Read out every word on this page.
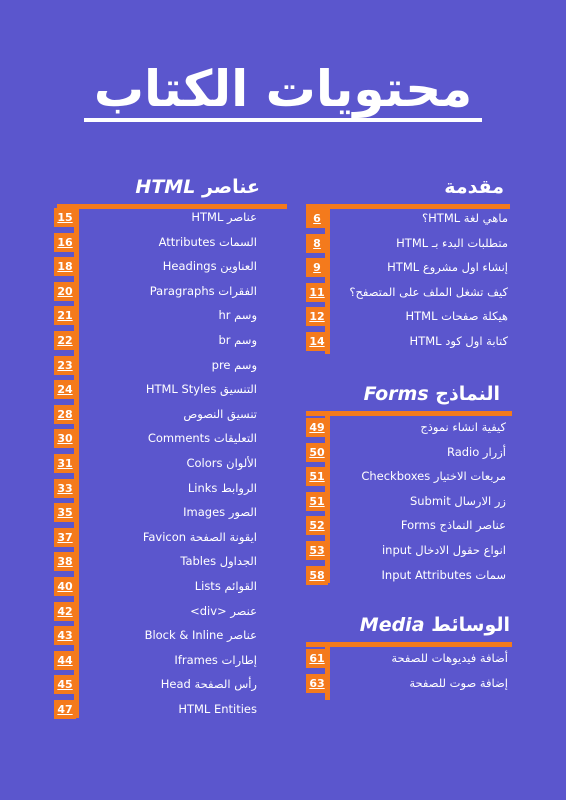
محتويات الكتاب
عناصر HTML
15	عناصر HTML
16	السمات Attributes
18	العناوين Headings
20	الفقرات Paragraphs
21	وسم hr
22	وسم br
23	وسم pre
24	التنسيق HTML Styles
28	تنسيق النصوص
30	التعليقات Comments
31	الألوان Colors
33	الروابط Links
35	الصور Images
37	ايقونة الصفحة Favicon
38	الجداول Tables
40	القوائم Lists
42	عنصر <div>
43	عناصر Block & Inline
44	إطارات Iframes
45	رأس الصفحة Head
47	HTML Entities
مقدمة
6	ماهي لغة HTML؟
8	متطلبات البدء بـ HTML
9	إنشاء اول مشروع HTML
11 كيف تشغل الملف على المتصفح؟
12	هيكلة صفحات HTML
14	كتابة اول كود HTML
النماذج Forms
49	كيفية انشاء نموذج
50	أزرار Radio
51	مربعات الاختيار Checkboxes
51	زر الارسال Submit
52	عناصر النماذج Forms
53	انواع حقول الادخال input
58	سمات Input Attributes
الوسائط Media
61	أضافة فيديوهات للصفحة
63	إضافة صوت للصفحة
